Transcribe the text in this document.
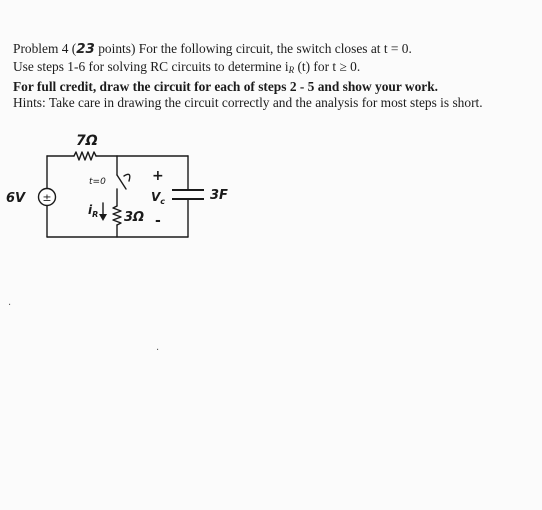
Problem 4 (23 points) For the following circuit, the switch closes at t = 0.
Use steps 1-6 for solving RC circuits to determine $i_R$ (t) for t ≥ 0.
For full credit, draw the circuit for each of steps 2 - 5 and show your work.
Hints: Take care in drawing the circuit correctly and the analysis for most steps is short.
7Ω
6V ±
t=0
$i_R$ 3Ω
+
$V_c$
-
3F
·
·
